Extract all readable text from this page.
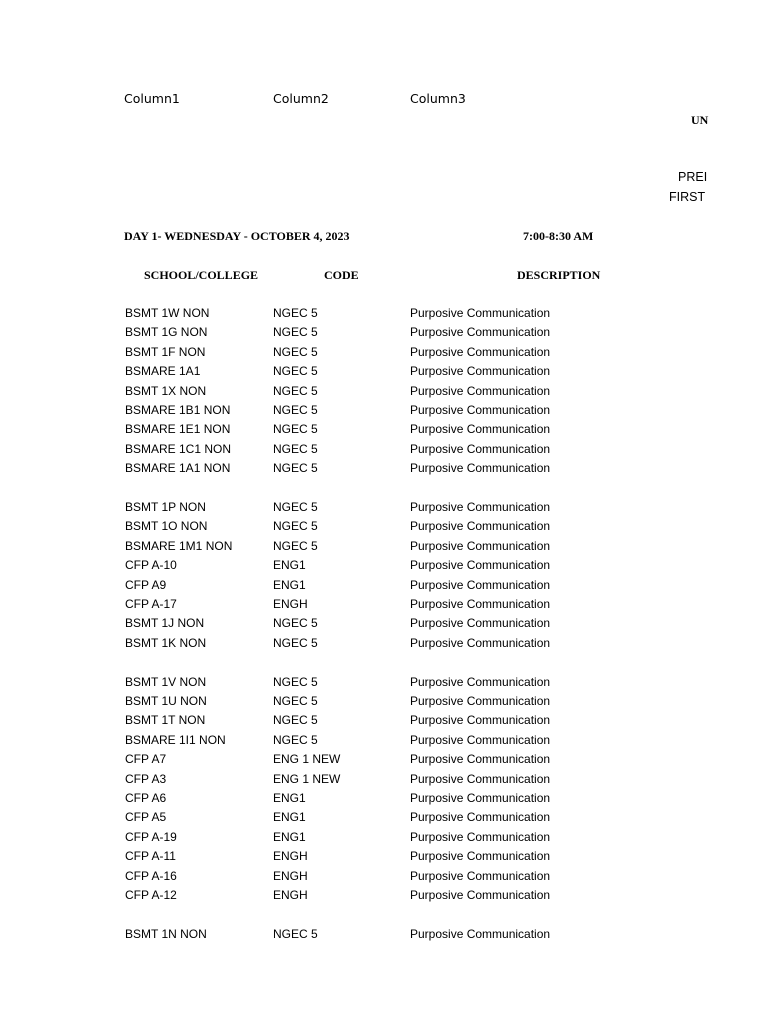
Column1	Column2	Column3
UN
PREI
FIRST
DAY 1- WEDNESDAY - OCTOBER 4, 2023	7:00-8:30 AM
SCHOOL/COLLEGE	CODE	DESCRIPTION
BSMT 1W NON	NGEC 5	Purposive Communication
BSMT 1G NON	NGEC 5	Purposive Communication
BSMT 1F NON	NGEC 5	Purposive Communication
BSMARE 1A1	NGEC 5	Purposive Communication
BSMT 1X NON	NGEC 5	Purposive Communication
BSMARE 1B1 NON	NGEC 5	Purposive Communication
BSMARE 1E1 NON	NGEC 5	Purposive Communication
BSMARE 1C1 NON	NGEC 5	Purposive Communication
BSMARE 1A1 NON	NGEC 5	Purposive Communication
BSMT 1P NON	NGEC 5	Purposive Communication
BSMT 1O NON	NGEC 5	Purposive Communication
BSMARE 1M1 NON	NGEC 5	Purposive Communication
CFP A-10	ENG1	Purposive Communication
CFP A9	ENG1	Purposive Communication
CFP A-17	ENGH	Purposive Communication
BSMT 1J NON	NGEC 5	Purposive Communication
BSMT 1K NON	NGEC 5	Purposive Communication
BSMT 1V NON	NGEC 5	Purposive Communication
BSMT 1U NON	NGEC 5	Purposive Communication
BSMT 1T NON	NGEC 5	Purposive Communication
BSMARE 1I1 NON	NGEC 5	Purposive Communication
CFP A7	ENG 1 NEW	Purposive Communication
CFP A3	ENG 1 NEW	Purposive Communication
CFP A6	ENG1	Purposive Communication
CFP A5	ENG1	Purposive Communication
CFP A-19	ENG1	Purposive Communication
CFP A-11	ENGH	Purposive Communication
CFP A-16	ENGH	Purposive Communication
CFP A-12	ENGH	Purposive Communication
BSMT 1N NON	NGEC 5	Purposive Communication
